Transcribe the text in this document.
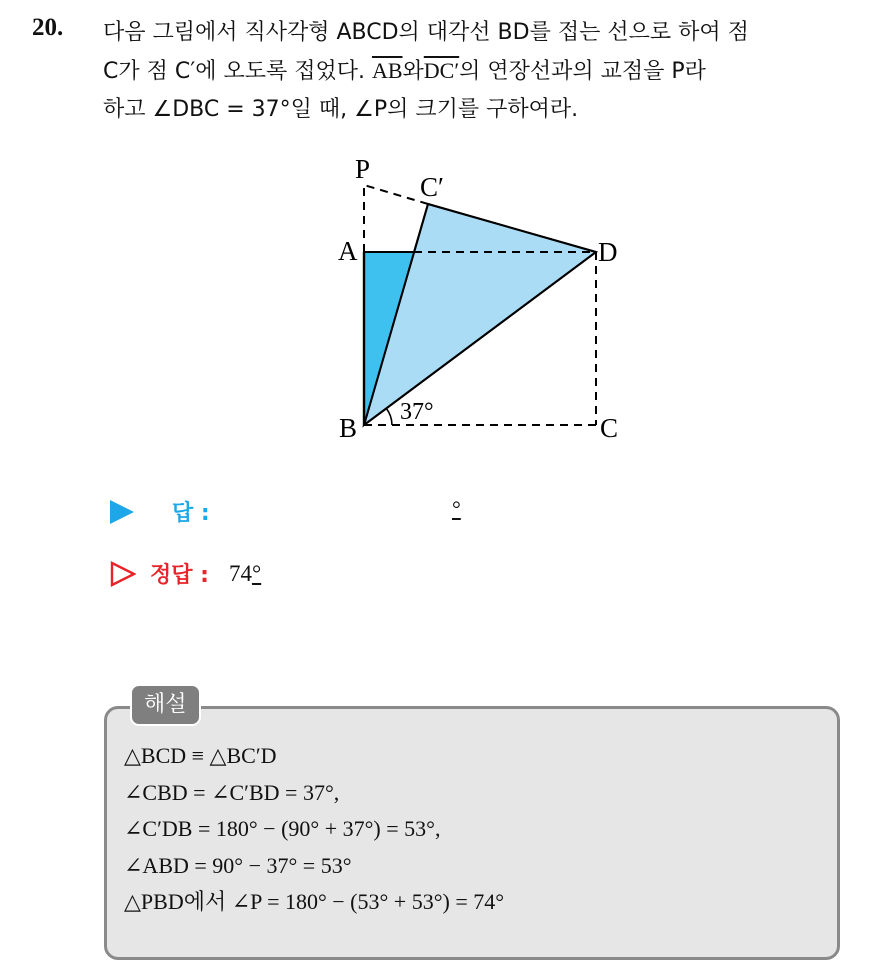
20. 다음 그림에서 직사각형 ABCD의 대각선 BD를 접는 선으로 하여 점
C가 점 C′에 오도록 접었다. $\overline{AB}$와DC′의 연장선과의 교점을 P라
하고 ∠DBC = 37°일 때, ∠P의 크기를 구하여라.
P
C′
A	D
B	C
37°
답 :	°
정답 : 74°
해설
△BCD ≡ △BC′D
∠CBD = ∠C′BD = 37°,
∠C′DB = 180° − (90° + 37°) = 53°,
∠ABD = 90° − 37° = 53°
△PBD에서 ∠P = 180° − (53° + 53°) = 74°
